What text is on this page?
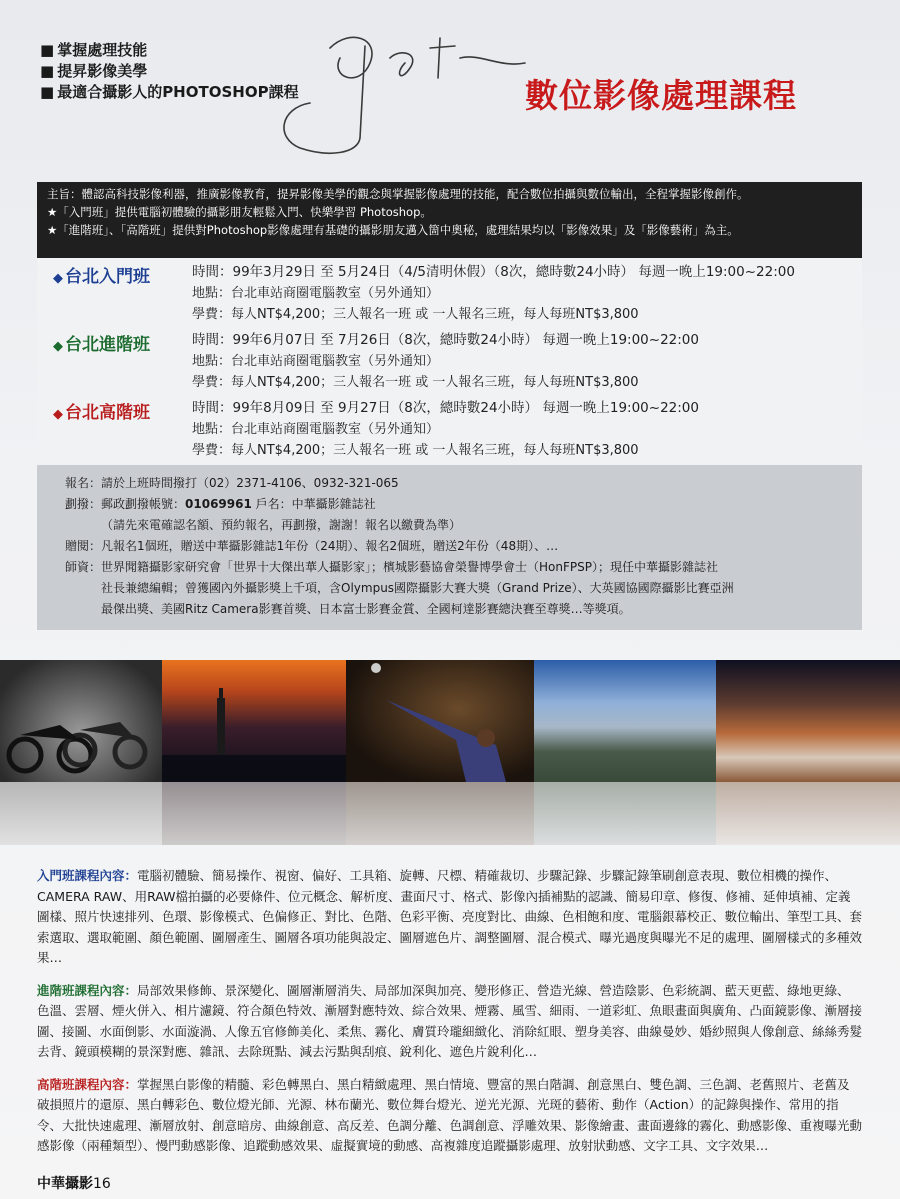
■ 掌握處理技能
■ 提昇影像美學
■ 最適合攝影人的PHOTOSHOP課程	數位影像處理課程
主旨：體認高科技影像利器，推廣影像教育，提昇影像美學的觀念與掌握影像處理的技能，配合數位拍攝與數位輸出，全程掌握影像創作。
★「入門班」提供電腦初體驗的攝影朋友輕鬆入門、快樂學習 Photoshop。
★「進階班」、「高階班」提供對Photoshop影像處理有基礎的攝影朋友邁入箇中奧秘，處理結果均以「影像效果」及「影像藝術」為主。
◆ 台北入門班	時間：99年3月29日 至 5月24日（4/5清明休假）（8次，總時數24小時） 每週一晚上19:00~22:00
地點：台北車站商圈電腦教室（另外通知）
學費：每人NT$4,200；三人報名一班 或 一人報名三班，每人每班NT$3,800
◆ 台北進階班	時間：99年6月07日 至 7月26日（8次，總時數24小時） 每週一晚上19:00~22:00
地點：台北車站商圈電腦教室（另外通知）
學費：每人NT$4,200；三人報名一班 或 一人報名三班，每人每班NT$3,800
◆ 台北高階班	時間：99年8月09日 至 9月27日（8次，總時數24小時） 每週一晚上19:00~22:00
地點：台北車站商圈電腦教室（另外通知）
學費：每人NT$4,200；三人報名一班 或 一人報名三班，每人每班NT$3,800
報名： 請於上班時間撥打（02）2371-4106、0932-321-065
劃撥： 郵政劃撥帳號：01069961 戶名：中華攝影雜誌社
（請先來電確認名額、預約報名，再劃撥，謝謝！報名以繳費為準）
贈閱： 凡報名1個班，贈送中華攝影雜誌1年份（24期）、報名2個班，贈送2年份（48期）、…
師資： 世界聞籍攝影家研究會「世界十大傑出華人攝影家」；檳城影藝協會榮譽博學會士（HonFPSP）；現任中華攝影雜誌社
社長兼總編輯；曾獲國內外攝影獎上千項，含Olympus國際攝影大賽大獎（Grand Prize）、大英國協國際攝影比賽亞洲
最傑出獎、美國Ritz Camera影賽首獎、日本富士影賽金賞、全國柯達影賽總決賽至尊獎…等獎項。

入門班課程內容：電腦初體驗、簡易操作、視窗、偏好、工具箱、旋轉、尺標、精確裁切、步驟記錄、步驟記錄筆刷創意表現、數位相機的操作、CAMERA RAW、用RAW檔拍攝的必要條件、位元概念、解析度、畫面尺寸、格式、影像內插補點的認識、簡易印章、修復、修補、延伸填補、定義圖樣、照片快速排列、色環、影像模式、色偏修正、對比、色階、色彩平衡、亮度對比、曲線、色相飽和度、電腦銀幕校正、數位輸出、筆型工具、套索選取、選取範圍、顏色範圍、圖層產生、圖層各項功能與設定、圖層遮色片、調整圖層、混合模式、曝光過度與曝光不足的處理、圖層樣式的多種效果…

進階班課程內容：局部效果修飾、景深變化、圖層漸層消失、局部加深與加亮、變形修正、營造光線、營造陰影、色彩統調、藍天更藍、綠地更綠、色溫、雲層、煙火併入、相片濾鏡、符合顏色特效、漸層對應特效、綜合效果、煙霧、風雪、細雨、一道彩虹、魚眼畫面與廣角、凸面鏡影像、漸層接圖、接圖、水面倒影、水面漩渦、人像五官修飾美化、柔焦、霧化、膚質玲瓏細緻化、消除紅眼、塑身美容、曲線曼妙、婚紗照與人像創意、絲絲秀髮去背、鏡頭模糊的景深對應、雜訊、去除斑點、減去污點與刮痕、銳利化、遮色片銳利化…

高階班課程內容：掌握黑白影像的精髓、彩色轉黑白、黑白精緻處理、黑白情境、豐富的黑白階調、創意黑白、雙色調、三色調、老舊照片、老舊及破損照片的還原、黑白轉彩色、數位燈光師、光源、林布蘭光、數位舞台燈光、逆光光源、光斑的藝術、動作（Action）的記錄與操作、常用的指令、大批快速處理、漸層放射、創意暗房、曲線創意、高反差、色調分離、色調創意、浮雕效果、影像繪畫、畫面邊緣的霧化、動感影像、重複曝光動感影像（兩種類型）、慢門動感影像、追蹤動感效果、虛擬實境的動感、高複雜度追蹤攝影處理、放射狀動感、文字工具、文字效果…

中華攝影16
